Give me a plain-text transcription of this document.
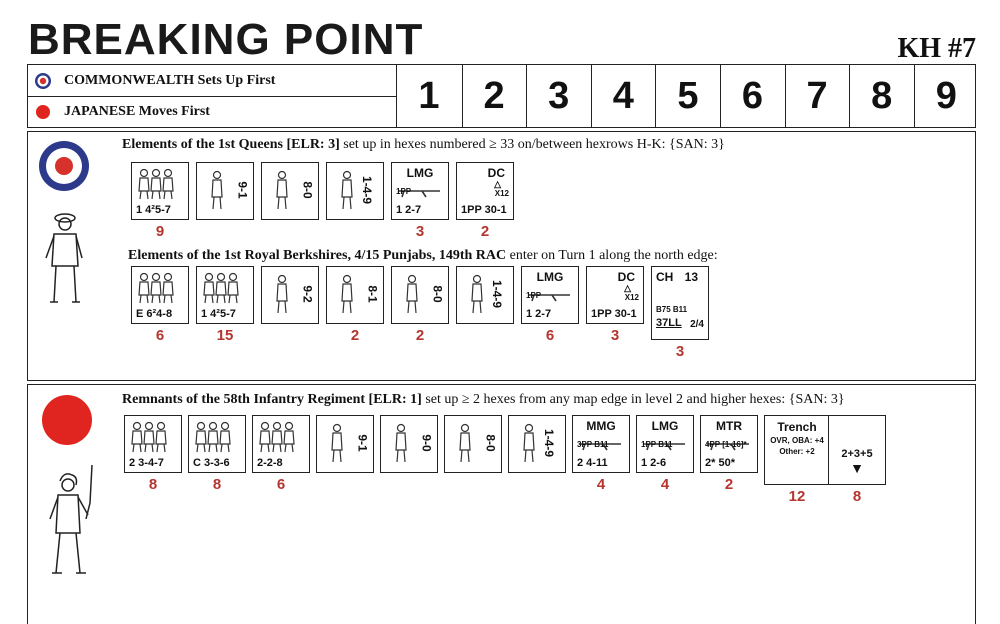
BREAKING POINT	KH #7
COMMONWEALTH Sets Up First
JAPANESE Moves First	1	2	3	4	5	6	7	8	9
Elements of the 1st Queens [ELR: 3] set up in hexes numbered ≥ 33 on/between hexrows H-K: {SAN: 3}
1 4²5-7
9
9-1	8-0	1-4-9
LMG
1PP
1 2-7
3
DC
△
X12
1PP 30-1
2
Elements of the 1st Royal Berkshires, 4/15 Punjabs, 149th RAC enter on Turn 1 along the north edge:
E 6²4-8
6
1 4²5-7
15
9-2	8-1
2
8-0
2
1-4-9
LMG
1PP
1 2-7
6
DC
△
X12
1PP 30-1
3
CH 13
B75 B11
37LL 2/4
3
Remnants of the 58th Infantry Regiment [ELR: 1] set up ≥ 2 hexes from any map edge in level 2 and higher hexes: {SAN: 3}
2 3-4-7
8
C 3-3-6
8
2-2-8
6
9-1	9-0	8-0	1-4-9
MMG
3PP B11
2 4-11
4
LMG
1PP B11
1 2-6
4
MTR
4PP [1-16]*
2* 50*
2
Trench
OVR, OBA: +4
Other: +2
12
2+3+5
▼
8
